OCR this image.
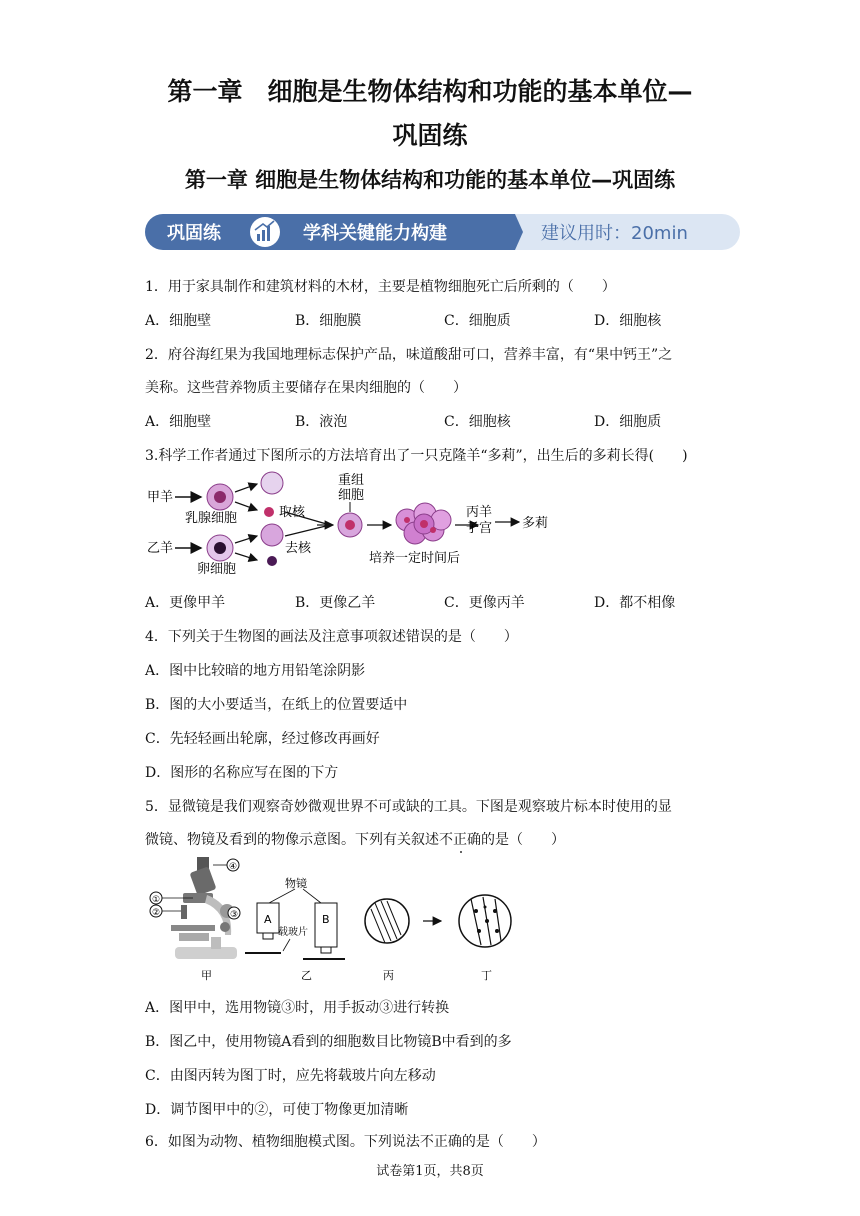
第一章　细胞是生物体结构和功能的基本单位—
巩固练
第一章 细胞是生物体结构和功能的基本单位—巩固练
巩固练	学科关键能力构建	建议用时：20min
1．用于家具制作和建筑材料的木材，主要是植物细胞死亡后所剩的（　　）
A．细胞壁	B．细胞膜	C．细胞质	D．细胞核
2．府谷海红果为我国地理标志保护产品，味道酸甜可口，营养丰富，有“果中钙王”之
美称。这些营养物质主要储存在果肉细胞的（　　）
A．细胞壁	B．液泡	C．细胞核	D．细胞质
3.科学工作者通过下图所示的方法培育出了一只克隆羊“多莉”，出生后的多莉长得(　　)
甲羊
乳腺细胞	取核
乙羊
卵细胞
去核
重组
细胞
培养一定时间后
丙羊
子宫 多莉
A．更像甲羊	B．更像乙羊	C．更像丙羊	D．都不相像
4．下列关于生物图的画法及注意事项叙述错误的是（　　）
A．图中比较暗的地方用铅笔涂阴影
B．图的大小要适当，在纸上的位置要适中
C．先轻轻画出轮廓，经过修改再画好
D．图形的名称应写在图的下方
5．显微镜是我们观察奇妙微观世界不可或缺的工具。下图是观察玻片标本时使用的显
微镜、物镜及看到的物像示意图。下列有关叙述不正确的是（　　）
④
①
②	③
甲
物镜
A	B
载玻片
乙	丙	丁
A．图甲中，选用物镜③时，用手扳动③进行转换
B．图乙中，使用物镜A看到的细胞数目比物镜B中看到的多
C．由图丙转为图丁时，应先将载玻片向左移动
D．调节图甲中的②，可使丁物像更加清晰
6．如图为动物、植物细胞模式图。下列说法不正确的是（　　）
试卷第1页，共8页
